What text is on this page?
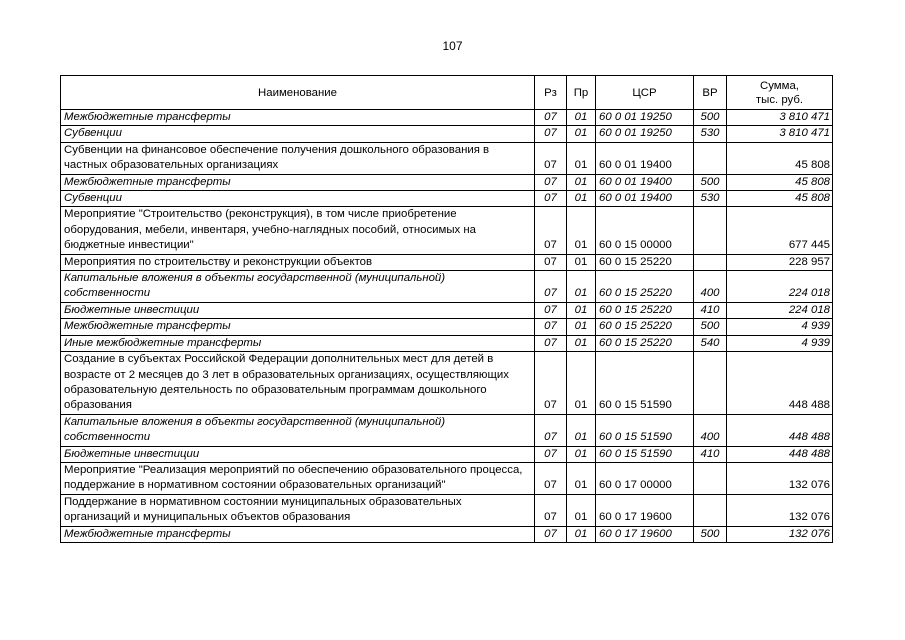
107
Наименование	Рз	Пр	ЦСР	ВР	Сумма,
тыс. руб.
Межбюджетные трансферты	07	01	60 0 01 19250	500	3 810 471
Субвенции	07	01	60 0 01 19250	530	3 810 471
Субвенции на финансовое обеспечение получения дошкольного образования в частных образовательных организациях	07	01	60 0 01 19400		45 808
Межбюджетные трансферты	07	01	60 0 01 19400	500	45 808
Субвенции	07	01	60 0 01 19400	530	45 808
Мероприятие "Строительство (реконструкция), в том числе приобретение оборудования, мебели, инвентаря, учебно-наглядных пособий, относимых на бюджетные инвестиции"	07	01	60 0 15 00000		677 445
Мероприятия по строительству и реконструкции объектов	07	01	60 0 15 25220		228 957
Капитальные вложения в объекты государственной (муниципальной) собственности	07	01	60 0 15 25220	400	224 018
Бюджетные инвестиции	07	01	60 0 15 25220	410	224 018
Межбюджетные трансферты	07	01	60 0 15 25220	500	4 939
Иные межбюджетные трансферты	07	01	60 0 15 25220	540	4 939
Создание в субъектах Российской Федерации дополнительных мест для детей в возрасте от 2 месяцев до 3 лет в образовательных организациях, осуществляющих образовательную деятельность по образовательным программам дошкольного образования	07	01	60 0 15 51590		448 488
Капитальные вложения в объекты государственной (муниципальной) собственности	07	01	60 0 15 51590	400	448 488
Бюджетные инвестиции	07	01	60 0 15 51590	410	448 488
Мероприятие "Реализация мероприятий по обеспечению образовательного процесса, поддержание в нормативном состоянии образовательных организаций"	07	01	60 0 17 00000		132 076
Поддержание в нормативном состоянии муниципальных образовательных организаций и муниципальных объектов образования	07	01	60 0 17 19600		132 076
Межбюджетные трансферты	07	01	60 0 17 19600	500	132 076
